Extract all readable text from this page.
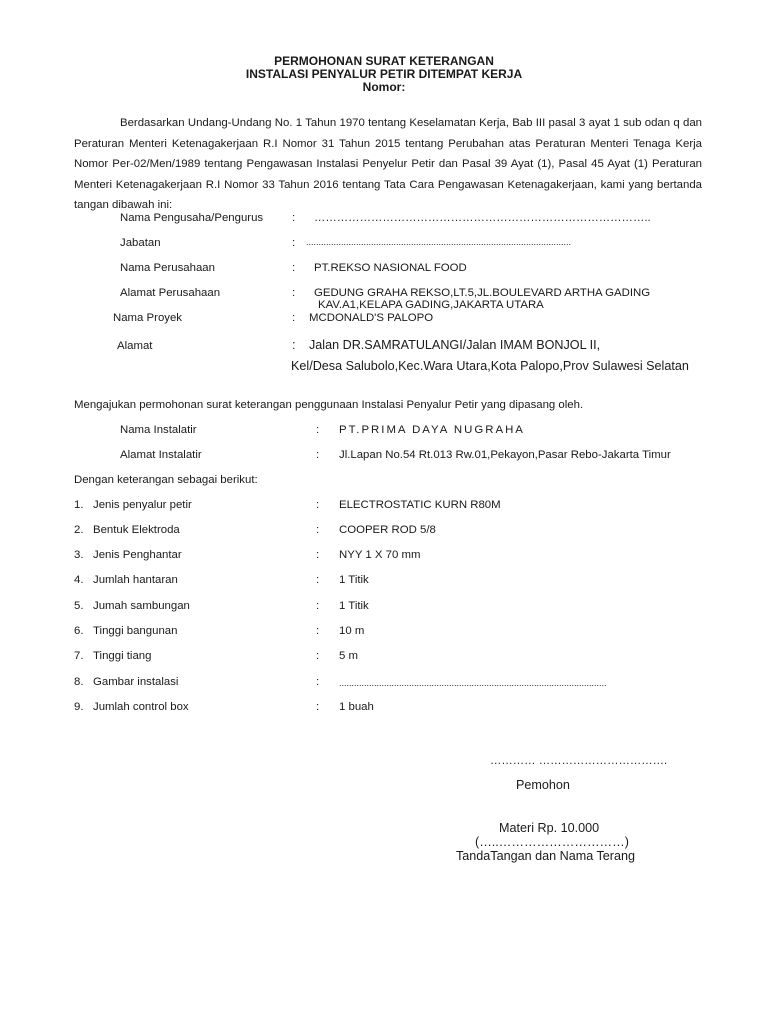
PERMOHONAN SURAT KETERANGAN
INSTALASI PENYALUR PETIR DITEMPAT KERJA
Nomor:

Berdasarkan Undang-Undang No. 1 Tahun 1970 tentang Keselamatan Kerja, Bab III pasal 3 ayat 1 sub odan q dan Peraturan Menteri Ketenagakerjaan R.I Nomor 31 Tahun 2015 tentang Perubahan atas Peraturan Menteri Tenaga Kerja Nomor Per-02/Men/1989 tentang Pengawasan Instalasi Penyelur Petir dan Pasal 39 Ayat (1), Pasal 45 Ayat (1) Peraturan Menteri Ketenagakerjaan R.I Nomor 33 Tahun 2016 tentang Tata Cara Pengawasan Ketenagakerjaan, kami yang bertanda tangan dibawah ini:

Nama Pengusaha/Pengurus	: ……………………………………………………………………………..
Jabatan	: ..........................................................................................................
Nama Perusahaan	: PT.REKSO NASIONAL FOOD
Alamat Perusahaan	: GEDUNG GRAHA REKSO,LT.5,JL.BOULEVARD ARTHA GADING
KAV.A1,KELAPA GADING,JAKARTA UTARA
Nama Proyek	: MCDONALD'S PALOPO
Alamat	: Jalan DR.SAMRATULANGI/Jalan IMAM BONJOL II,
Kel/Desa Salubolo,Kec.Wara Utara,Kota Palopo,Prov Sulawesi Selatan
Mengajukan permohonan surat keterangan penggunaan Instalasi Penyalur Petir yang dipasang oleh.
Nama Instalatir	: PT.PRIMA DAYA NUGRAHA
Alamat Instalatir	: Jl.Lapan No.54 Rt.013 Rw.01,Pekayon,Pasar Rebo-Jakarta Timur
Dengan keterangan sebagai berikut:
1. Jenis penyalur petir	: ELECTROSTATIC KURN R80M
2. Bentuk Elektroda	: COOPER ROD 5/8
3. Jenis Penghantar	: NYY 1 X 70 mm
4. Jumlah hantaran	: 1 Titik
5. Jumah sambungan	: 1 Titik
6. Tinggi bangunan	: 10 m
7. Tinggi tiang	: 5 m
8. Gambar instalasi	: ...........................................................................................................
9. Jumlah control box	: 1 buah
………… …………………………….
Pemohon
Materi Rp. 10.000
(…..…………………………)
TandaTangan dan Nama Terang
